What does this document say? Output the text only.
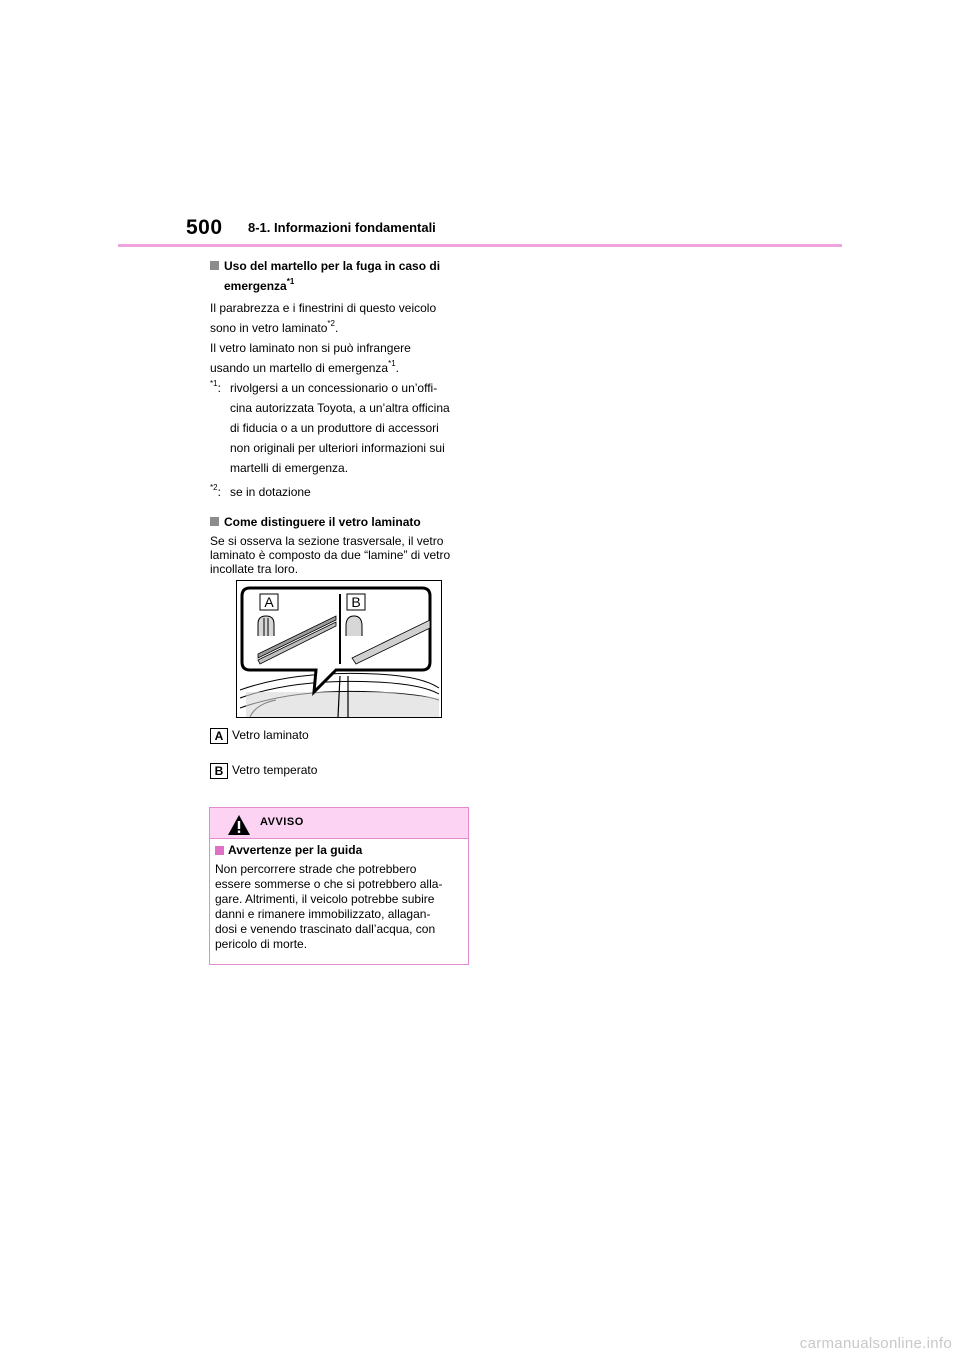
500 8-1. Informazioni fondamentali
Uso del martello per la fuga in caso di
emergenza$^{*1}$

Il parabrezza e i finestrini di questo veicolo
sono in vetro laminato$^{*2}$.

Il vetro laminato non si può infrangere
usando un martello di emergenza$^{*1}$.

$^{*1}$: rivolgersi a un concessionario o un’offi-
cina autorizzata Toyota, a un’altra officina
di fiducia o a un produttore di accessori
non originali per ulteriori informazioni sui
martelli di emergenza.
$^{*2}$: se in dotazione
Come distinguere il vetro laminato
Se si osserva la sezione trasversale, il vetro
laminato è composto da due “lamine” di vetro
incollate tra loro.
A	B
A Vetro laminato
B Vetro temperato
AVVISO
Avvertenze per la guida
Non percorrere strade che potrebbero
essere sommerse o che si potrebbero alla-
gare. Altrimenti, il veicolo potrebbe subire
danni e rimanere immobilizzato, allagan-
dosi e venendo trascinato dall’acqua, con
pericolo di morte.
carmanualsonline.info
